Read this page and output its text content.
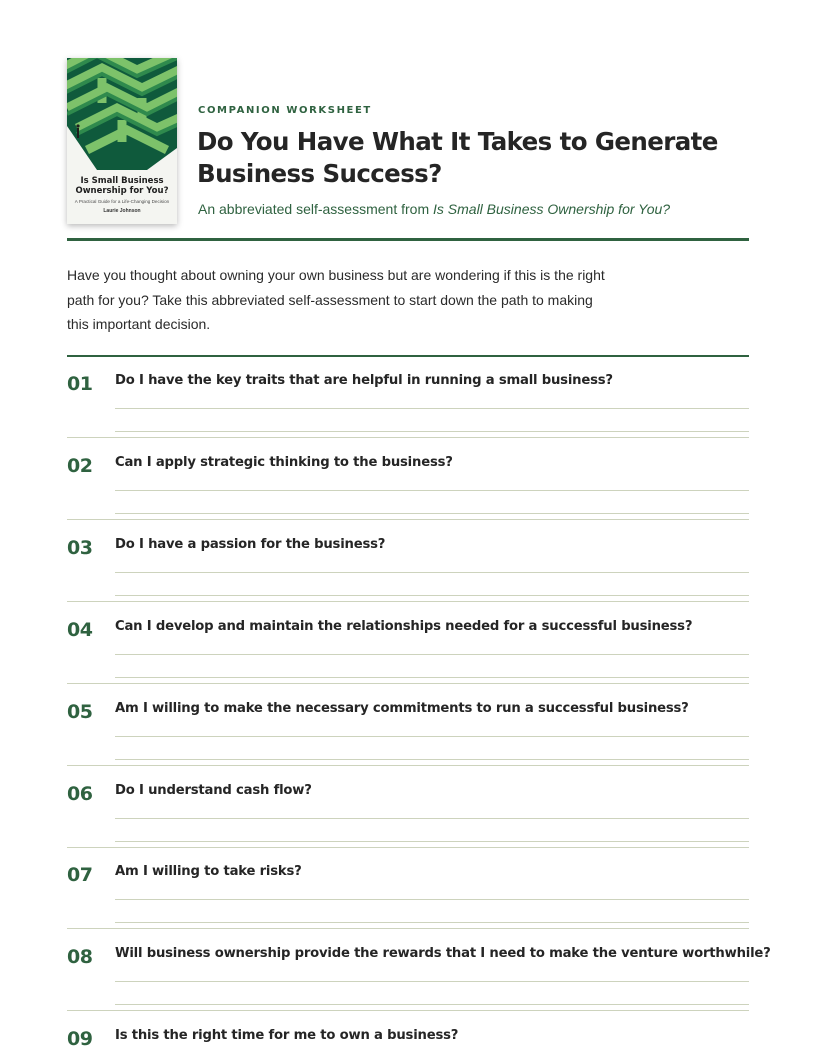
Is Small Business Ownership for You?
A Practical Guide for a Life-Changing Decision
Laurie Johnson
COMPANION WORKSHEET
Do You Have What It Takes to Generate Business Success?
An abbreviated self-assessment from Is Small Business Ownership for You?

Have you thought about owning your own business but are wondering if this is the right path for you? Take this abbreviated self-assessment to start down the path to making this important decision.

01 Do I have the key traits that are helpful in running a small business?
02 Can I apply strategic thinking to the business?
03 Do I have a passion for the business?
04 Can I develop and maintain the relationships needed for a successful business?
05 Am I willing to make the necessary commitments to run a successful business?
06 Do I understand cash flow?
07 Am I willing to take risks?
08 Will business ownership provide the rewards that I need to make the venture worthwhile?
09 Is this the right time for me to own a business?
